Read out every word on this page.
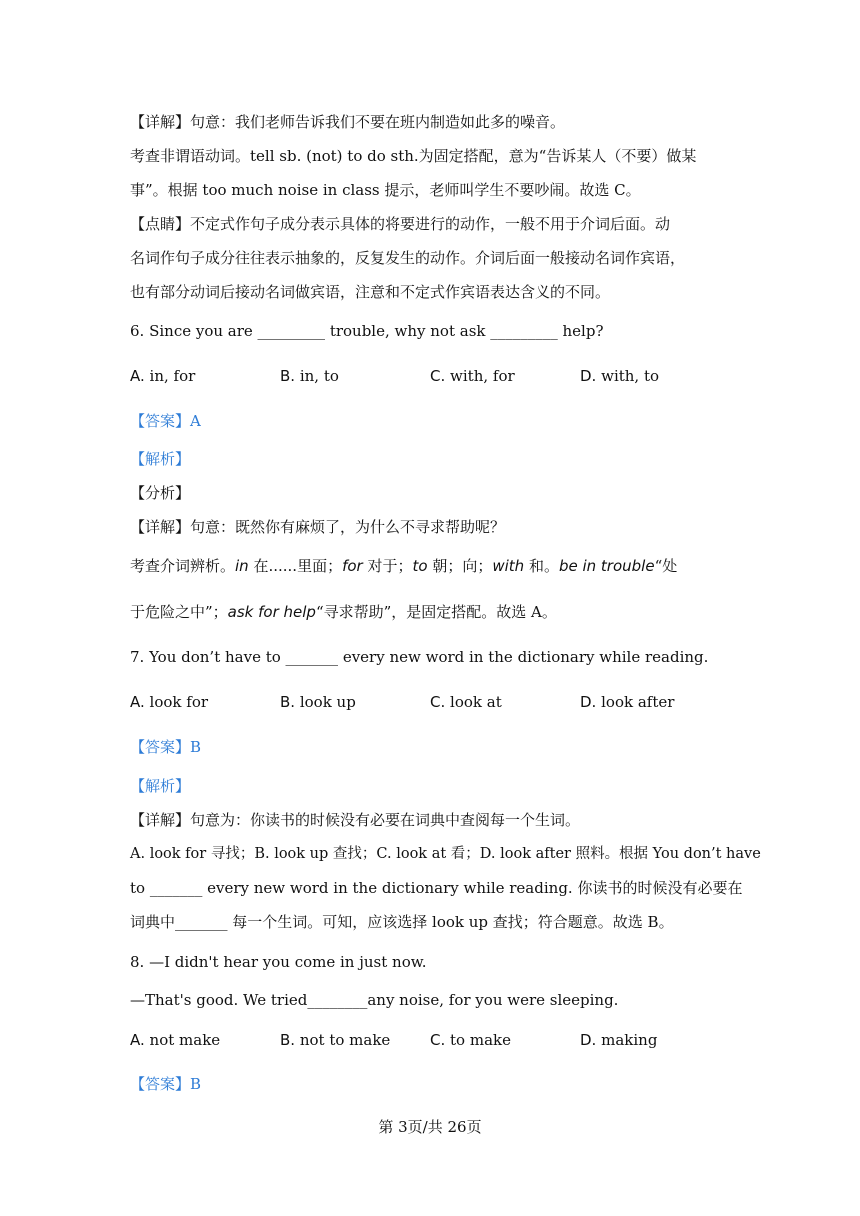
【详解】句意：我们老师告诉我们不要在班内制造如此多的噪音。
考查非谓语动词。tell sb. (not) to do sth.为固定搭配，意为“告诉某人（不要）做某
事”。根据 too much noise in class 提示，老师叫学生不要吵闹。故选 C。
【点睛】不定式作句子成分表示具体的将要进行的动作，一般不用于介词后面。动
名词作句子成分往往表示抽象的，反复发生的动作。介词后面一般接动名词作宾语，
也有部分动词后接动名词做宾语，注意和不定式作宾语表达含义的不同。
6. Since you are _________ trouble, why not ask _________ help?
A. in, for	B. in, to	C. with, for	D. with, to
【答案】A
【解析】
【分析】
【详解】句意：既然你有麻烦了，为什么不寻求帮助呢？
考查介词辨析。in 在......里面；for 对于；to 朝；向；with 和。be in trouble“处
于危险之中”；ask for help“寻求帮助”，是固定搭配。故选 A。
7. You don’t have to _______ every new word in the dictionary while reading.
A. look for	B. look up	C. look at	D. look after
【答案】B
【解析】
【详解】句意为：你读书的时候没有必要在词典中查阅每一个生词。
A. look for 寻找；B. look up 查找；C. look at 看；D. look after 照料。根据 You don’t have
to _______ every new word in the dictionary while reading. 你读书的时候没有必要在
词典中_______ 每一个生词。可知，应该选择 look up 查找；符合题意。故选 B。
8. —I didn't hear you come in just now.
—That's good. We tried________any noise, for you were sleeping.
A. not make	B. not to make	C. to make	D. making
【答案】B
第 3页/共 26页
